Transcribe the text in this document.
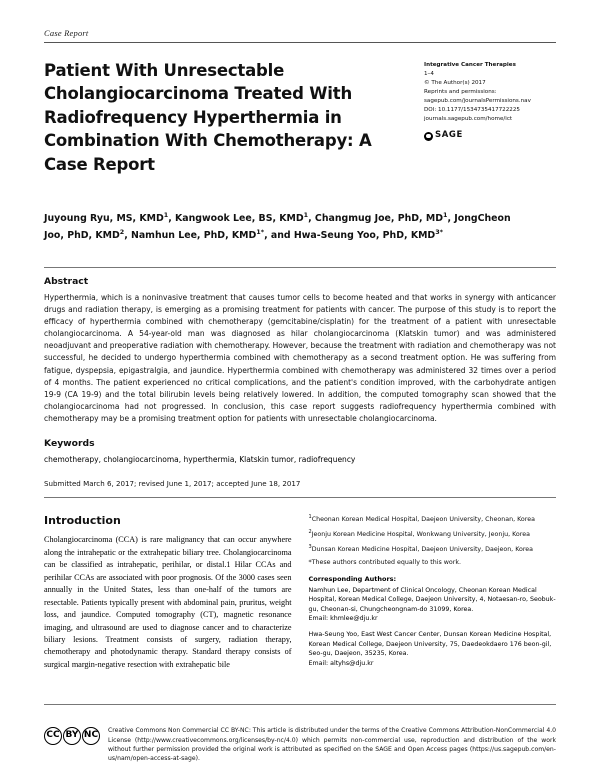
Case Report
Patient With Unresectable Cholangiocarcinoma Treated With Radiofrequency Hyperthermia in Combination With Chemotherapy: A Case Report
Integrative Cancer Therapies
1–4
© The Author(s) 2017
Reprints and permissions:
sagepub.com/journalsPermissions.nav
DOI: 10.1177/1534735417722225
journals.sagepub.com/home/ict
SAGE
Juyoung Ryu, MS, KMD$^1$, Kangwook Lee, BS, KMD$^1$, Changmug Joe, PhD, $MD^1$, JongCheon Joo, PhD, KMD$^2$, Namhun Lee, PhD, $KMD^{1*}$, and Hwa-Seung Yoo, PhD, $KMD^{3*}$
Abstract

Hyperthermia, which is a noninvasive treatment that causes tumor cells to become heated and that works in synergy with anticancer drugs and radiation therapy, is emerging as a promising treatment for patients with cancer. The purpose of this study is to report the efficacy of hyperthermia combined with chemotherapy (gemcitabine/cisplatin) for the treatment of a patient with unresectable cholangiocarcinoma. A 54-year-old man was diagnosed as hilar cholangiocarcinoma (Klatskin tumor) and was administered neoadjuvant and preoperative radiation with chemotherapy. However, because the treatment with radiation and chemotherapy was not successful, he decided to undergo hyperthermia combined with chemotherapy as a second treatment option. He was suffering from fatigue, dyspepsia, epigastralgia, and jaundice. Hyperthermia combined with chemotherapy was administered 32 times over a period of 4 months. The patient experienced no critical complications, and the patient's condition improved, with the carbohydrate antigen 19-9 (CA 19-9) and the total bilirubin levels being relatively lowered. In addition, the computed tomography scan showed that the cholangiocarcinoma had not progressed. In conclusion, this case report suggests radiofrequency hyperthermia combined with chemotherapy may be a promising treatment option for patients with unresectable cholangiocarcinoma.

Keywords

chemotherapy, cholangiocarcinoma, hyperthermia, Klatskin tumor, radiofrequency

Submitted March 6, 2017; revised June 1, 2017; accepted June 18, 2017
Introduction

Cholangiocarcinoma (CCA) is rare malignancy that can occur anywhere along the intrahepatic or the extrahepatic biliary tree. Cholangiocarcinoma can be classified as intrahepatic, perihilar, or distal.1 Hilar CCAs and perihilar CCAs are associated with poor prognosis. Of the 3000 cases seen annually in the United States, less than one-half of the tumors are resectable. Patients typically present with abdominal pain, pruritus, weight loss, and jaundice. Computed tomography (CT), magnetic resonance imaging, and ultrasound are used to diagnose cancer and to characterize biliary lesions. Treatment consists of surgery, radiation therapy, chemotherapy and photodynamic therapy. Standard therapy consists of surgical margin-negative resection with extrahepatic bile

$^1$Cheonan Korean Medical Hospital, Daejeon University, Cheonan, Korea

$^2$Jeonju Korean Medicine Hospital, Wonkwang University, Jeonju, Korea

$^3$Dunsan Korean Medicine Hospital, Daejeon University, Daejeon, Korea

*These authors contributed equally to this work.

Corresponding Authors:

Namhun Lee, Department of Clinical Oncology, Cheonan Korean Medical Hospital, Korean Medical College, Daejeon University, 4, Notaesan-ro, Seobuk-gu, Cheonan-si, Chungcheongnam-do 31099, Korea.
Email: khmlee@dju.kr

Hwa-Seung Yoo, East West Cancer Center, Dunsan Korean Medicine Hospital, Korean Medical College, Daejeon University, 75, Daedeokdaero 176 beon-gil, Seo-gu, Daejeon, 35235, Korea.
Email: altyhs@dju.kr

CC BY NC	Creative Commons Non Commercial CC BY-NC: This article is distributed under the terms of the Creative Commons Attribution-NonCommercial 4.0 License (http://www.creativecommons.org/licenses/by-nc/4.0) which permits non-commercial use, reproduction and distribution of the work without further permission provided the original work is attributed as specified on the SAGE and Open Access pages (https://us.sagepub.com/en-us/nam/open-access-at-sage).
